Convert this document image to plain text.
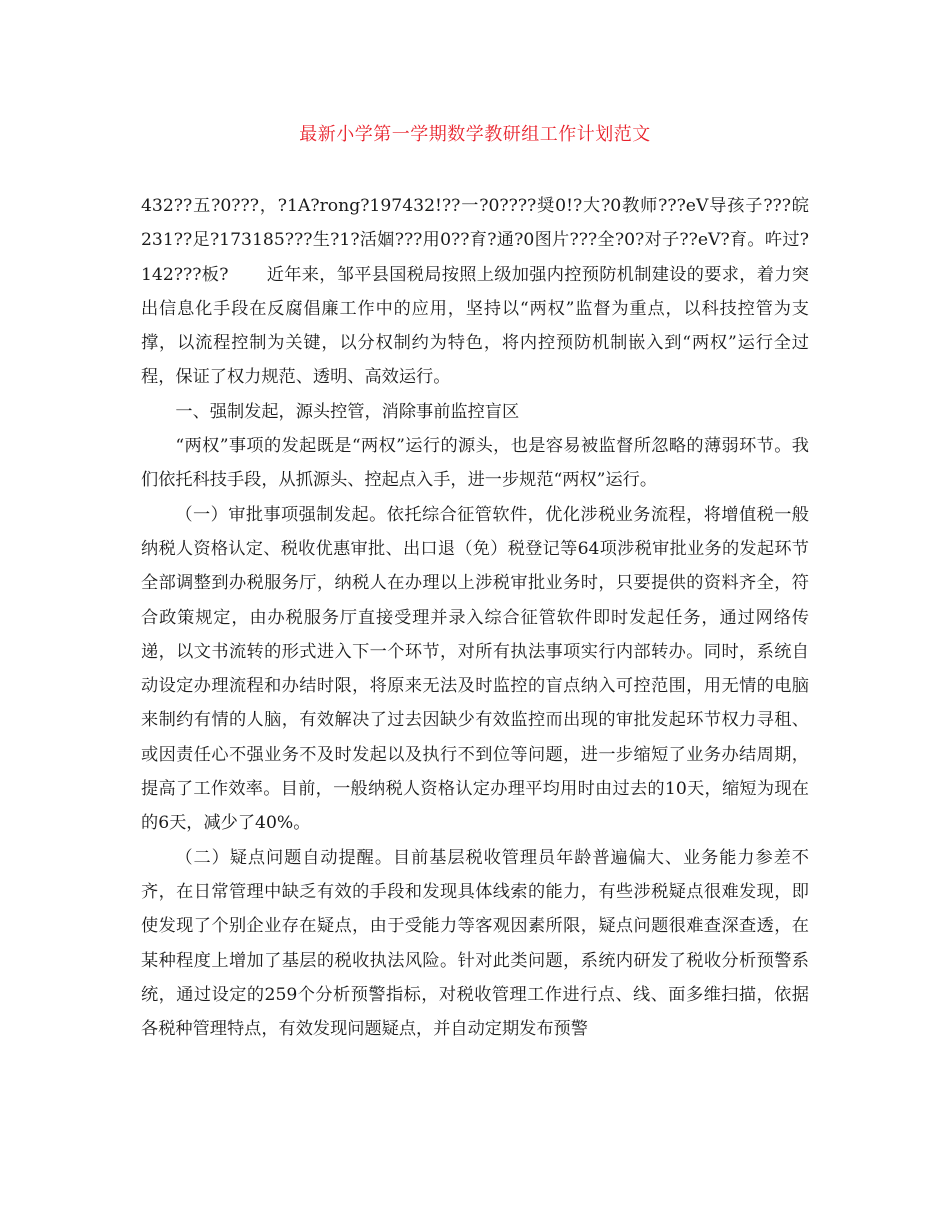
最新小学第一学期数学教研组工作计划范文

432??五?0???，?1A?rong?197432!??一?0????奨0!?大?0教师???eV导孩子???皖231??足?173185???生?1?活婟???用0??育?通?0图片???全?0?对子??eV?育。吘过?142???板? 近年来，邹平县国税局按照上级加强内控预防机制建设的要求，着力突出信息化手段在反腐倡廉工作中的应用，坚持以“两权”监督为重点，以科技控管为支撑，以流程控制为关键，以分权制约为特色，将内控预防机制嵌入到“两权”运行全过程，保证了权力规范、透明、高效运行。

一、强制发起，源头控管，消除事前监控盲区

“两权”事项的发起既是“两权”运行的源头，也是容易被监督所忽略的薄弱环节。我们依托科技手段，从抓源头、控起点入手，进一步规范“两权”运行。

（一）审批事项强制发起。依托综合征管软件，优化涉税业务流程，将增值税一般纳税人资格认定、税收优惠审批、出口退（免）税登记等64项涉税审批业务的发起环节全部调整到办税服务厅，纳税人在办理以上涉税审批业务时，只要提供的资料齐全，符合政策规定，由办税服务厅直接受理并录入综合征管软件即时发起任务，通过网络传递，以文书流转的形式进入下一个环节，对所有执法事项实行内部转办。同时，系统自动设定办理流程和办结时限，将原来无法及时监控的盲点纳入可控范围，用无情的电脑来制约有情的人脑，有效解决了过去因缺少有效监控而出现的审批发起环节权力寻租、或因责任心不强业务不及时发起以及执行不到位等问题，进一步缩短了业务办结周期，提高了工作效率。目前，一般纳税人资格认定办理平均用时由过去的10天，缩短为现在的6天，减少了40%。

（二）疑点问题自动提醒。目前基层税收管理员年龄普遍偏大、业务能力参差不齐，在日常管理中缺乏有效的手段和发现具体线索的能力，有些涉税疑点很难发现，即使发现了个别企业存在疑点，由于受能力等客观因素所限，疑点问题很难查深查透，在某种程度上增加了基层的税收执法风险。针对此类问题，系统内研发了税收分析预警系统，通过设定的259个分析预警指标，对税收管理工作进行点、线、面多维扫描，依据各税种管理特点，有效发现问题疑点，并自动定期发布预警
